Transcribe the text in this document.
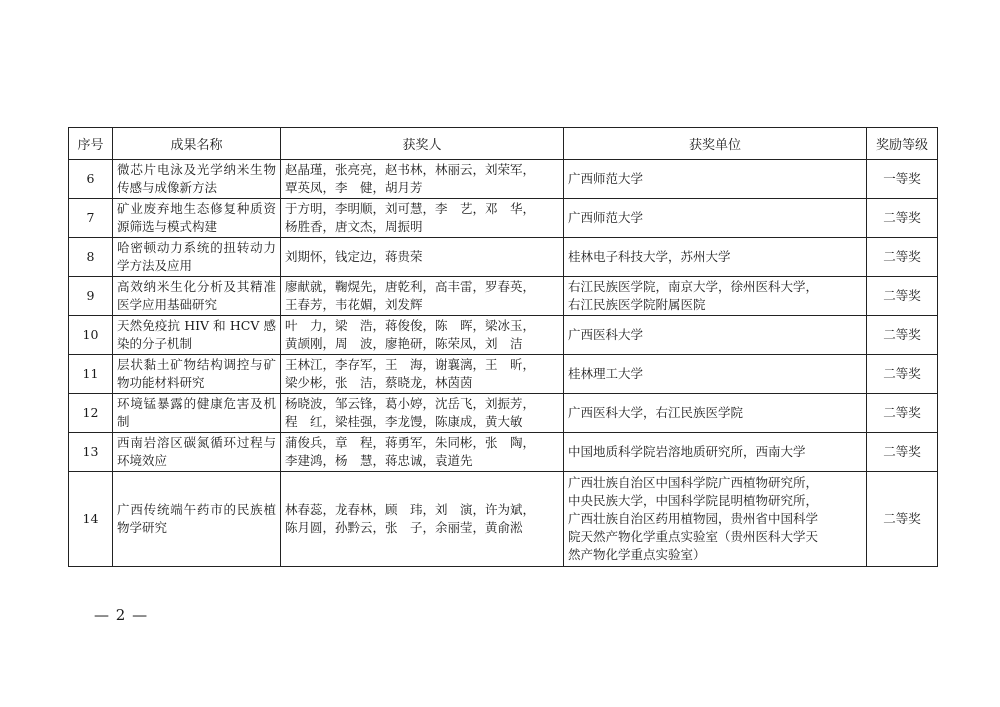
序号	成果名称	获奖人	获奖单位	奖励等级
6	微芯片电泳及光学纳米生物传感与成像新方法	赵晶瑾，张亮亮，赵书林，林丽云，刘荣军，
覃英凤，李　健，胡月芳	广西师范大学	一等奖
7	矿业废弃地生态修复种质资源筛选与模式构建	于方明，李明顺，刘可慧，李　艺，邓　华，
杨胜香，唐文杰，周振明	广西师范大学	二等奖
8	哈密顿动力系统的扭转动力学方法及应用	刘期怀，钱定边，蒋贵荣	桂林电子科技大学，苏州大学	二等奖
9	高效纳米生化分析及其精准医学应用基础研究	廖献就，鞠熀先，唐乾利，高丰雷，罗春英，
王春芳，韦花媚，刘发辉	右江民族医学院，南京大学，徐州医科大学，
右江民族医学院附属医院	二等奖
10	天然免疫抗 HIV 和 HCV 感染的分子机制	叶　力，梁　浩，蒋俊俊，陈　晖，梁冰玉，
黄颉刚，周　波，廖艳研，陈荣凤，刘　洁	广西医科大学	二等奖
11	层状黏土矿物结构调控与矿物功能材料研究	王林江，李存军，王　海，谢襄漓，王　昕，
梁少彬，张　洁，蔡晓龙，林茵茵	桂林理工大学	二等奖
12	环境锰暴露的健康危害及机制	杨晓波，邹云锋，葛小婷，沈岳飞，刘振芳，
程　红，梁桂强，李龙馒，陈康成，黄大敏	广西医科大学，右江民族医学院	二等奖
13	西南岩溶区碳氮循环过程与环境效应	蒲俊兵，章　程，蒋勇军，朱同彬，张　陶，
李建鸿，杨　慧，蒋忠诚，袁道先	中国地质科学院岩溶地质研究所，西南大学	二等奖
14	广西传统端午药市的民族植物学研究	林春蕊，龙春林，顾　玮，刘　演，许为斌，
陈月圆，孙黔云，张　子，余丽莹，黄俞淞	广西壮族自治区中国科学院广西植物研究所，
中央民族大学，中国科学院昆明植物研究所，
广西壮族自治区药用植物园，贵州省中国科学
院天然产物化学重点实验室（贵州医科大学天
然产物化学重点实验室）	二等奖
— 2 —
